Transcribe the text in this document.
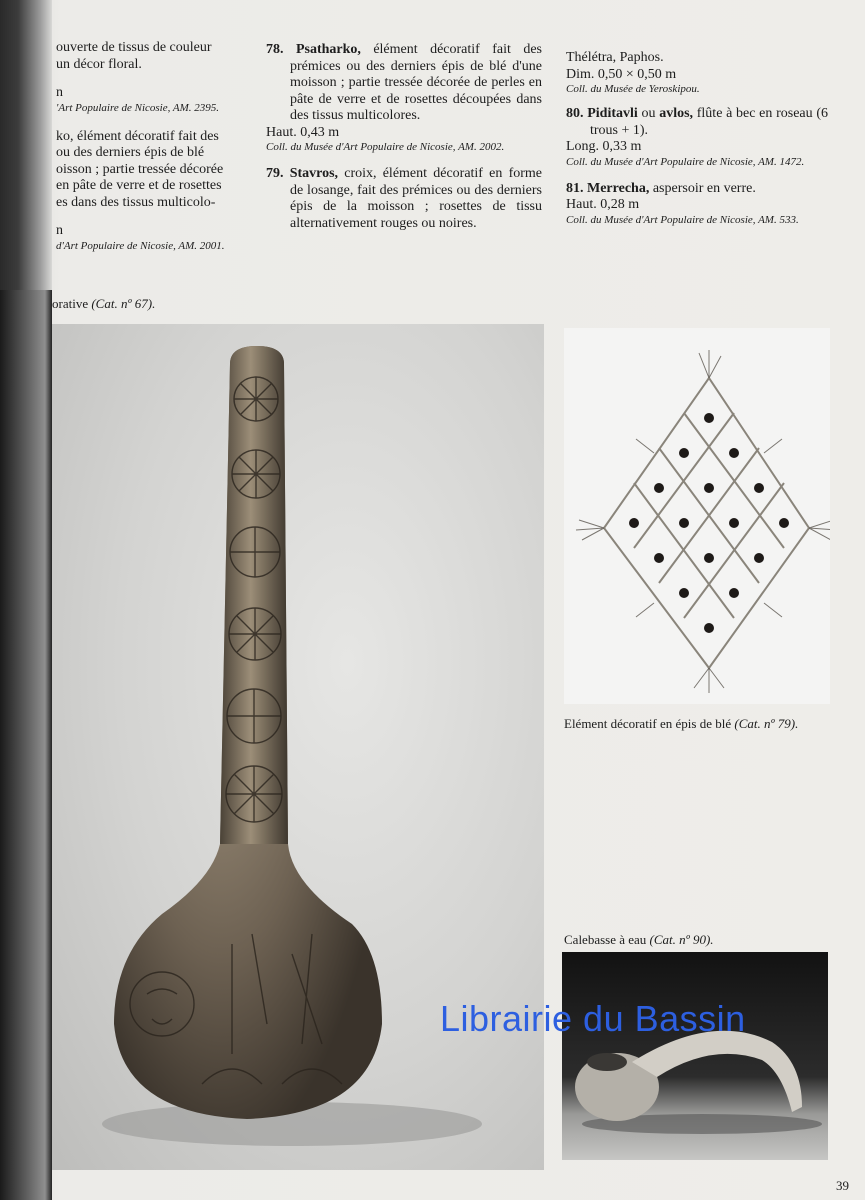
ouverte de tissus de couleur

un décor floral.

n

'Art Populaire de Nicosie, AM. 2395.

ko, élément décoratif fait des

ou des derniers épis de blé

oisson ; partie tressée décorée

en pâte de verre et de rosettes

es dans des tissus multicolo-

n

d'Art Populaire de Nicosie, AM. 2001.

78. Psatharko, élément décoratif fait des prémices ou des derniers épis de blé d'une moisson ; partie tressée décorée de perles en pâte de verre et de rosettes découpées dans des tissus multicolores.

Haut. 0,43 m

Coll. du Musée d'Art Populaire de Nicosie, AM. 2002.

79. Stavros, croix, élément décoratif en forme de losange, fait des prémices ou des derniers épis de la moisson ; rosettes de tissu alternativement rouges ou noires.

Thélétra, Paphos.

Dim. 0,50 × 0,50 m

Coll. du Musée de Yeroskipou.

80. Piditavli ou avlos, flûte à bec en roseau (6 trous + 1).

Long. 0,33 m

Coll. du Musée d'Art Populaire de Nicosie, AM. 1472.

81. Merrecha, aspersoir en verre.

Haut. 0,28 m

Coll. du Musée d'Art Populaire de Nicosie, AM. 533.

orative (Cat. nº 67).
Elément décoratif en épis de blé (Cat. nº 79).
Calebasse à eau (Cat. nº 90).
Librairie du Bassin
39
